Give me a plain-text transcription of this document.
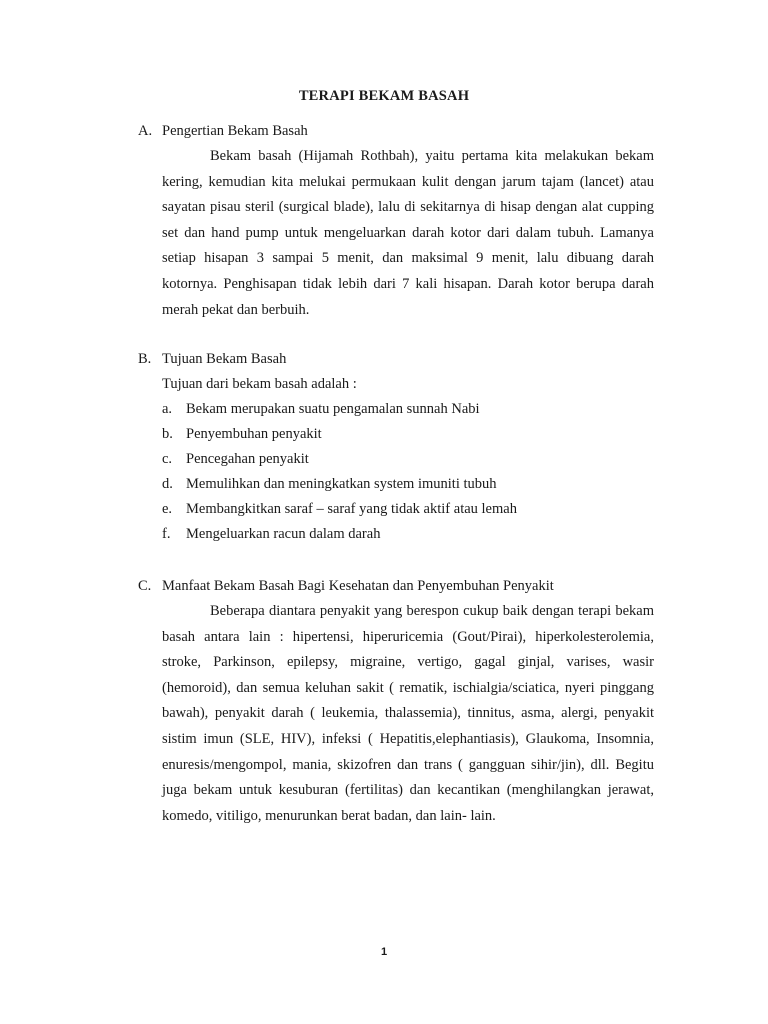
TERAPI BEKAM BASAH

A. Pengertian Bekam Basah

Bekam basah (Hijamah Rothbah), yaitu pertama kita melakukan bekam kering, kemudian kita melukai permukaan kulit dengan jarum tajam (lancet) atau sayatan pisau steril (surgical blade), lalu di sekitarnya di hisap dengan alat cupping set dan hand pump untuk mengeluarkan darah kotor dari dalam tubuh. Lamanya setiap hisapan 3 sampai 5 menit, dan maksimal 9 menit, lalu dibuang darah kotornya. Penghisapan tidak lebih dari 7 kali hisapan. Darah kotor berupa darah merah pekat dan berbuih.

B. Tujuan Bekam Basah

Tujuan dari bekam basah adalah :

a. Bekam merupakan suatu pengamalan sunnah Nabi
b. Penyembuhan penyakit
c. Pencegahan penyakit
d. Memulihkan dan meningkatkan system imuniti tubuh
e. Membangkitkan saraf – saraf yang tidak aktif atau lemah
f. Mengeluarkan racun dalam darah

C. Manfaat Bekam Basah Bagi Kesehatan dan Penyembuhan Penyakit

Beberapa diantara penyakit yang berespon cukup baik dengan terapi bekam basah antara lain : hipertensi, hiperuricemia (Gout/Pirai), hiperkolesterolemia, stroke, Parkinson, epilepsy, migraine, vertigo, gagal ginjal, varises, wasir (hemoroid), dan semua keluhan sakit ( rematik, ischialgia/sciatica, nyeri pinggang bawah), penyakit darah ( leukemia, thalassemia), tinnitus, asma, alergi, penyakit sistim imun (SLE, HIV), infeksi ( Hepatitis,elephantiasis), Glaukoma, Insomnia, enuresis/mengompol, mania, skizofren dan trans ( gangguan sihir/jin), dll. Begitu juga bekam untuk kesuburan (fertilitas) dan kecantikan (menghilangkan jerawat, komedo, vitiligo, menurunkan berat badan, dan lain- lain.

1
